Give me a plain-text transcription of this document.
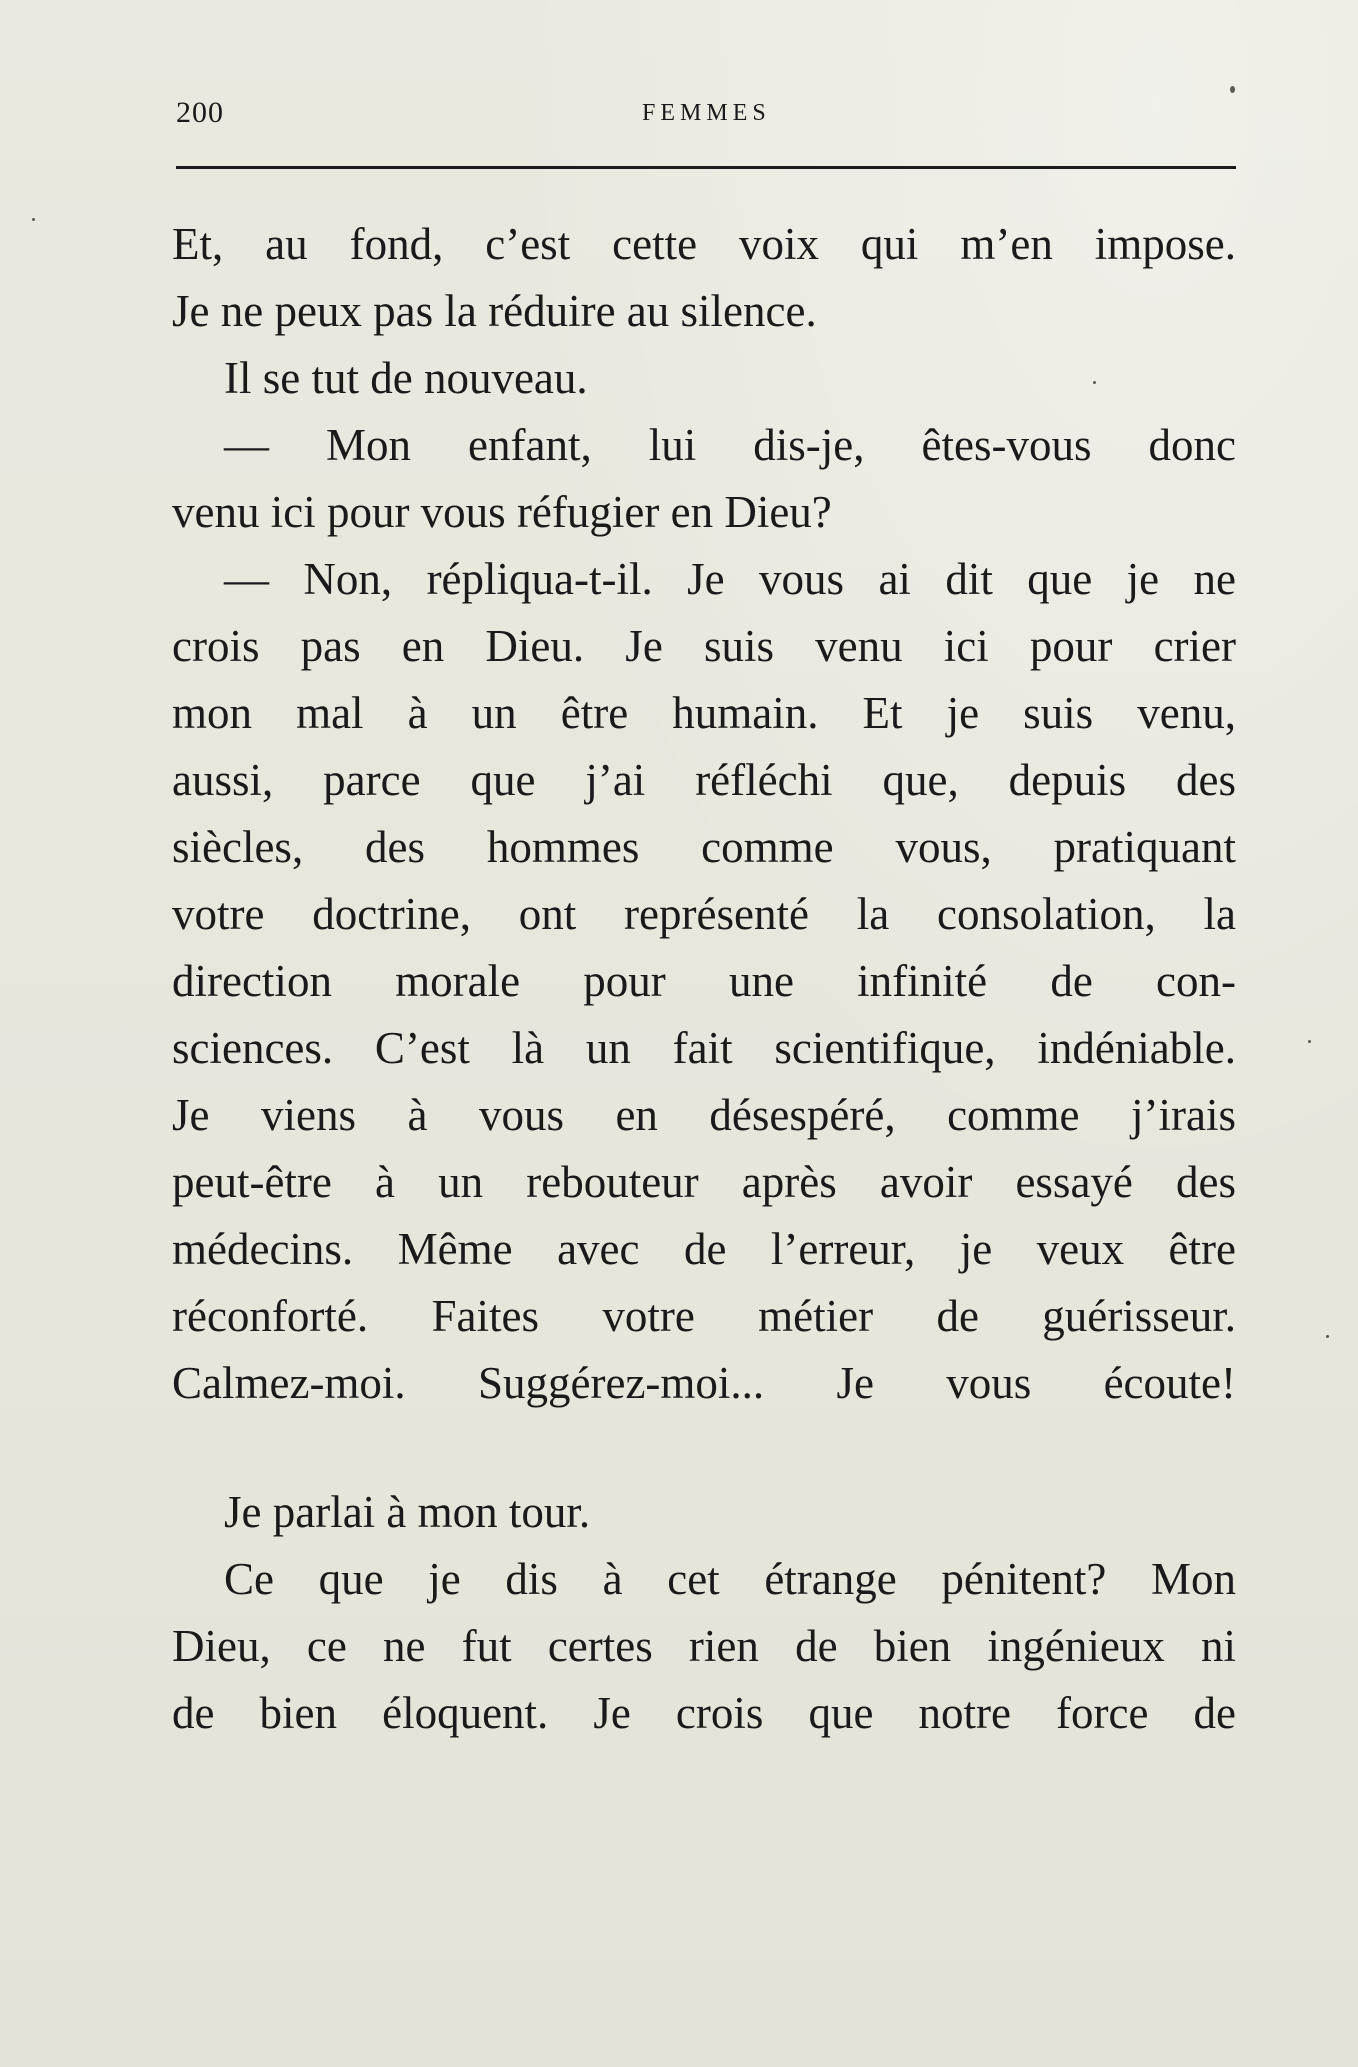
200	FEMMES
Et, au fond, c’est cette voix qui m’en impose.
Je ne peux pas la réduire au silence.
Il se tut de nouveau.
— Mon enfant, lui dis-je, êtes-vous donc
venu ici pour vous réfugier en Dieu?
— Non, répliqua-t-il. Je vous ai dit que je ne
crois pas en Dieu. Je suis venu ici pour crier
mon mal à un être humain. Et je suis venu,
aussi, parce que j’ai réfléchi que, depuis des
siècles, des hommes comme vous, pratiquant
votre doctrine, ont représenté la consolation, la
direction morale pour une infinité de con-
sciences. C’est là un fait scientifique, indéniable.
Je viens à vous en désespéré, comme j’irais
peut-être à un rebouteur après avoir essayé des
médecins. Même avec de l’erreur, je veux être
réconforté. Faites votre métier de guérisseur.
Calmez-moi. Suggérez-moi... Je vous écoute!
Je parlai à mon tour.
Ce que je dis à cet étrange pénitent? Mon
Dieu, ce ne fut certes rien de bien ingénieux ni
de bien éloquent. Je crois que notre force de
